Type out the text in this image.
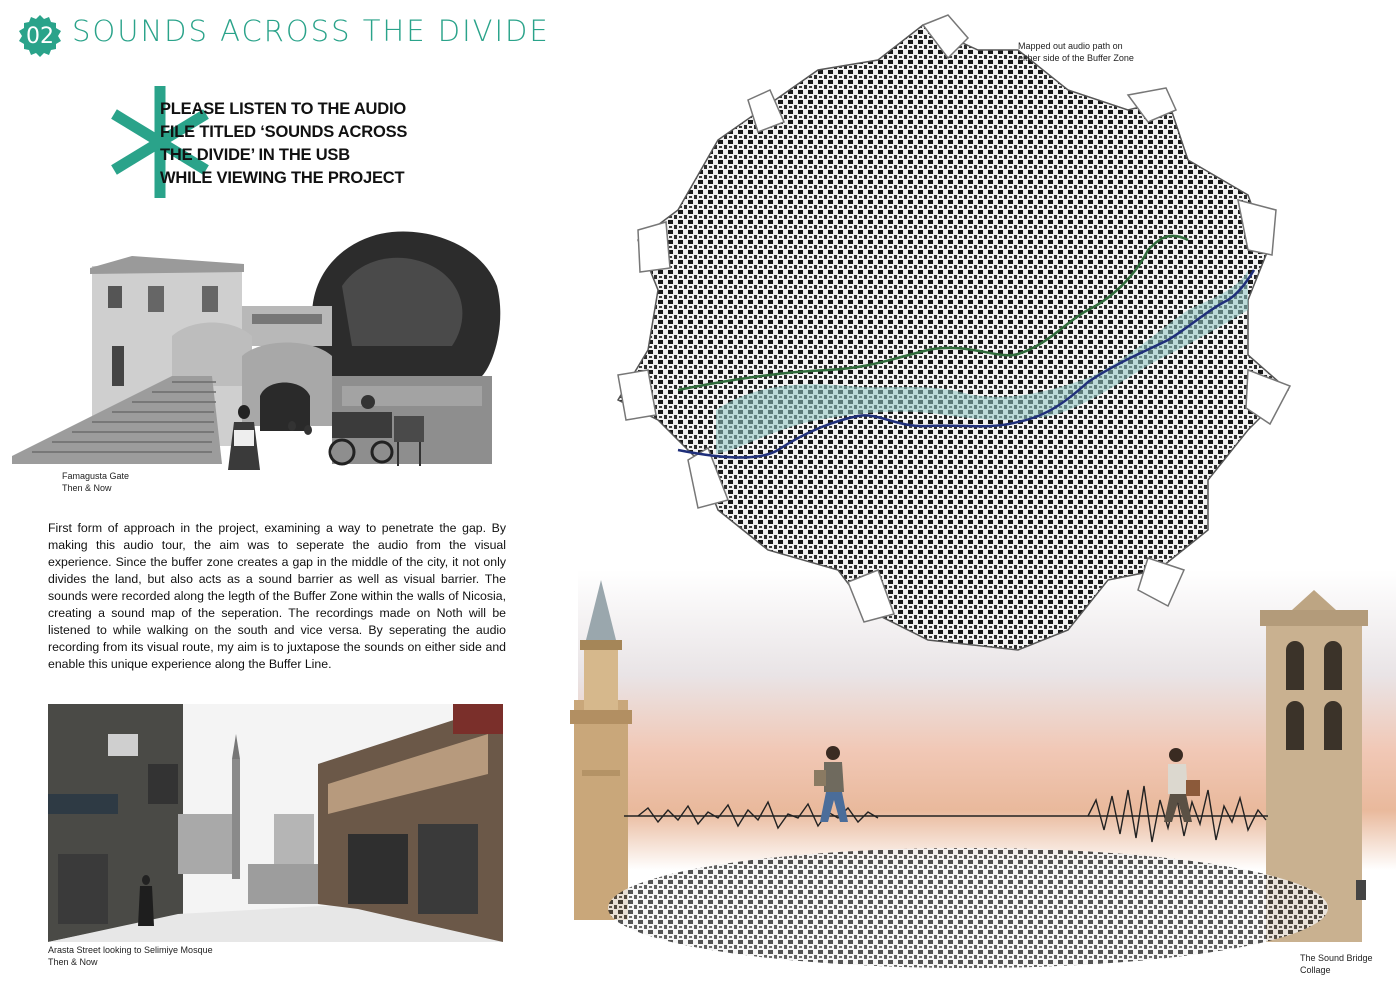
02 SOUNDS ACROSS THE DIVIDE
PLEASE LISTEN TO THE AUDIO
FILE TITLED ‘SOUNDS ACROSS
THE DIVIDE’ IN THE USB
WHILE VIEWING THE PROJECT
Famagusta Gate
Then & Now
First form of approach in the project, examining a way to penetrate the gap. By making this audio tour, the aim was to seperate the audio from the visual experience. Since the buffer zone creates a gap in the middle of the city, it not only divides the land, but also acts as a sound barrier as well as visual barrier. The sounds were recorded along the legth of the Buffer Zone within the walls of Nicosia, creating a sound map of the seperation. The recordings made on Noth will be listened to while walking on the south and vice versa. By seperating the audio recording from its visual route, my aim is to juxtapose the sounds on either side and enable this unique experience along the Buffer Line.
Arasta Street looking to Selimiye Mosque
Then & Now
Mapped out audio path on
either side of the Buffer Zone
The Sound Bridge
Collage
